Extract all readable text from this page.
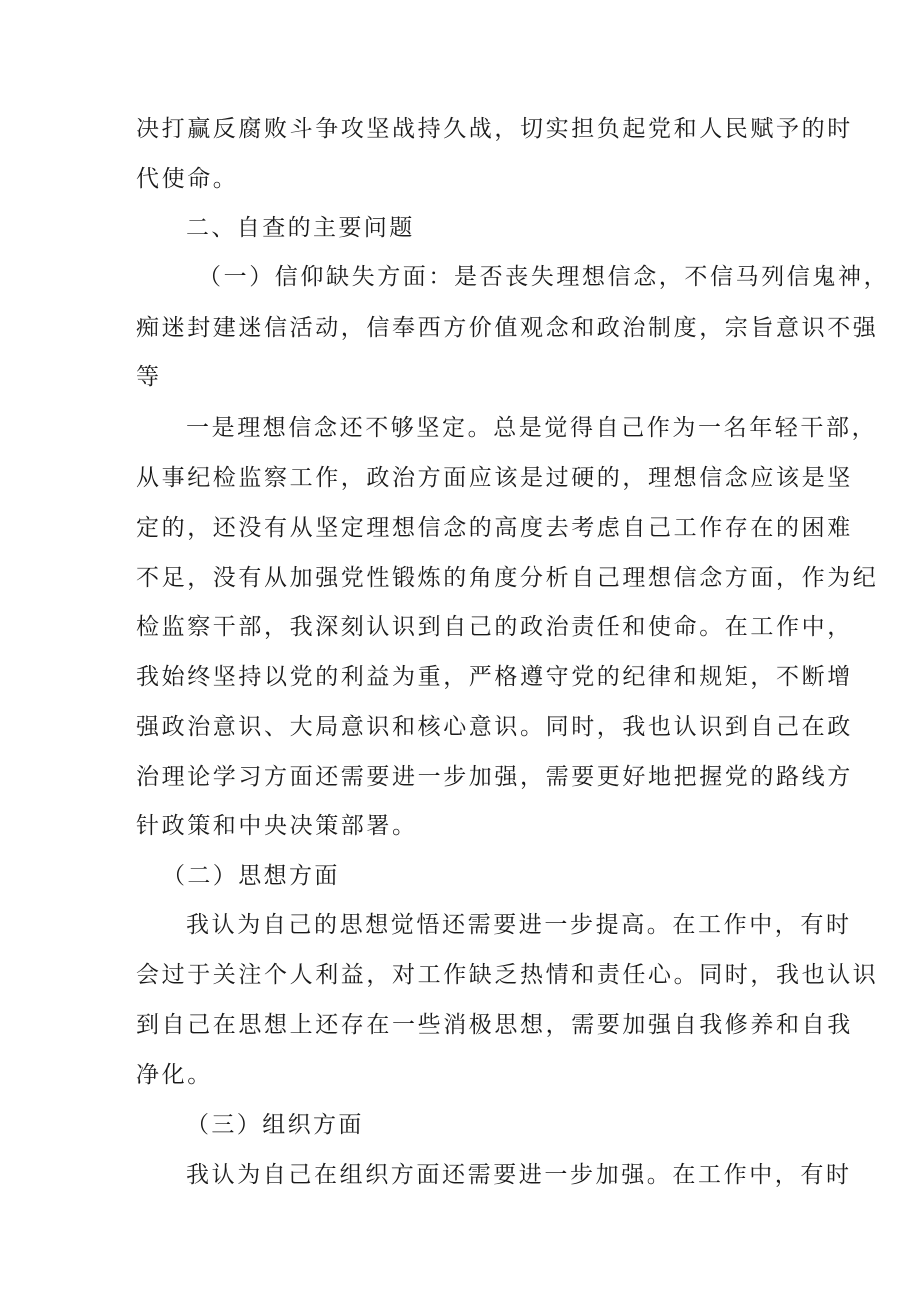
决打赢反腐败斗争攻坚战持久战，切实担负起党和人民赋予的时
代使命。
二、自查的主要问题
（一）信仰缺失方面：是否丧失理想信念，不信马列信鬼神，
痴迷封建迷信活动，信奉西方价值观念和政治制度，宗旨意识不强
等
一是理想信念还不够坚定。总是觉得自己作为一名年轻干部，
从事纪检监察工作，政治方面应该是过硬的，理想信念应该是坚
定的，还没有从坚定理想信念的高度去考虑自己工作存在的困难
不足，没有从加强党性锻炼的角度分析自己理想信念方面，作为纪
检监察干部，我深刻认识到自己的政治责任和使命。在工作中，
我始终坚持以党的利益为重，严格遵守党的纪律和规矩，不断增
强政治意识、大局意识和核心意识。同时，我也认识到自己在政
治理论学习方面还需要进一步加强，需要更好地把握党的路线方
针政策和中央决策部署。
（二）思想方面
我认为自己的思想觉悟还需要进一步提高。在工作中，有时
会过于关注个人利益，对工作缺乏热情和责任心。同时，我也认识
到自己在思想上还存在一些消极思想，需要加强自我修养和自我
净化。
（三）组织方面
我认为自己在组织方面还需要进一步加强。在工作中，有时
